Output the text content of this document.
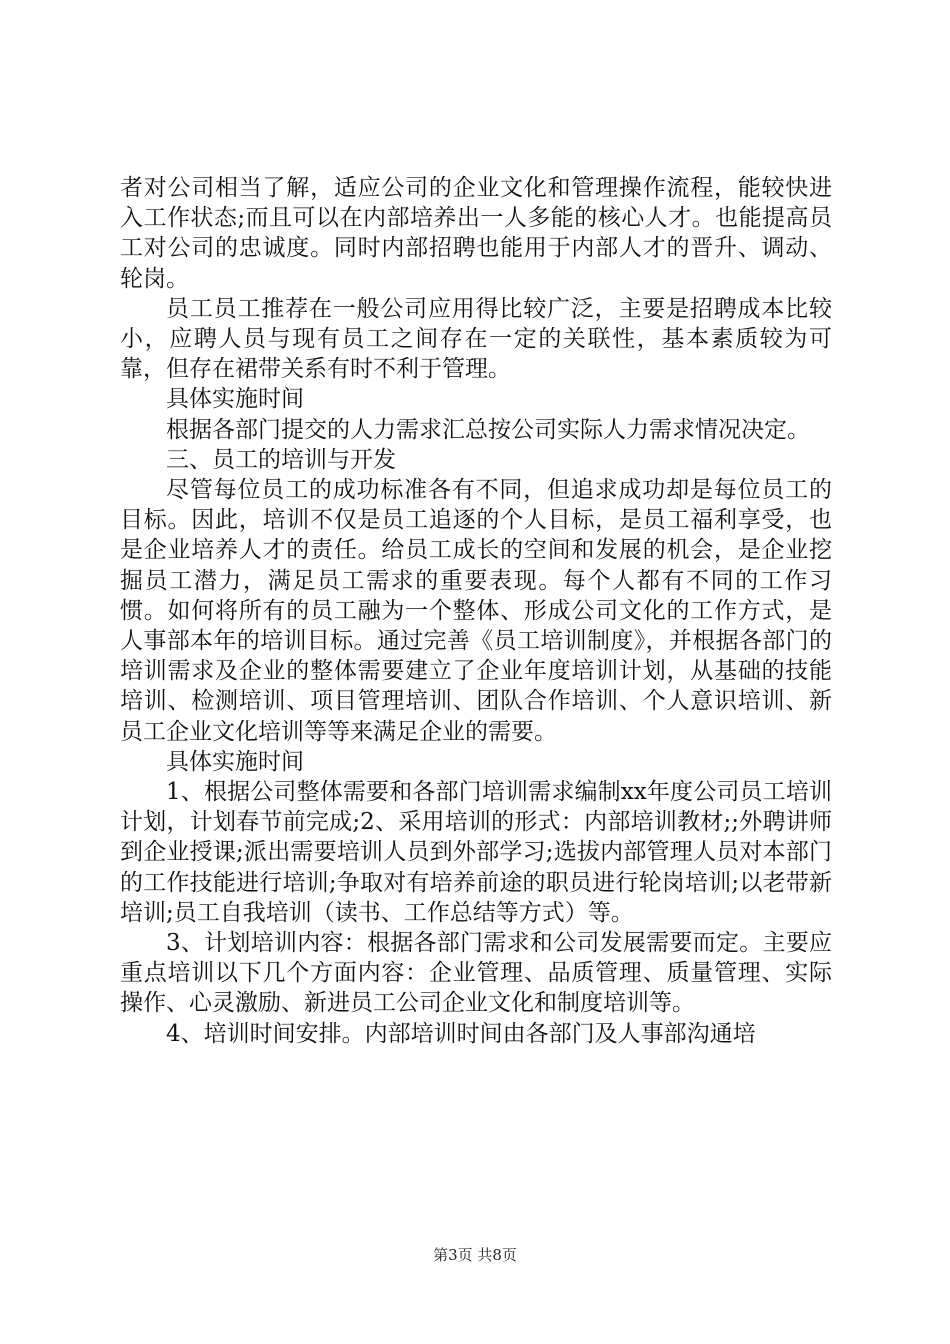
者对公司相当了解，适应公司的企业文化和管理操作流程，能较快进入工作状态;而且可以在内部培养出一人多能的核心人才。也能提高员工对公司的忠诚度。同时内部招聘也能用于内部人才的晋升、调动、轮岗。

员工员工推荐在一般公司应用得比较广泛，主要是招聘成本比较小，应聘人员与现有员工之间存在一定的关联性，基本素质较为可靠，但存在裙带关系有时不利于管理。

具体实施时间

根据各部门提交的人力需求汇总按公司实际人力需求情况决定。

三、员工的培训与开发

尽管每位员工的成功标准各有不同，但追求成功却是每位员工的目标。因此，培训不仅是员工追逐的个人目标，是员工福利享受，也是企业培养人才的责任。给员工成长的空间和发展的机会，是企业挖掘员工潜力，满足员工需求的重要表现。每个人都有不同的工作习惯。如何将所有的员工融为一个整体、形成公司文化的工作方式，是人事部本年的培训目标。通过完善《员工培训制度》，并根据各部门的培训需求及企业的整体需要建立了企业年度培训计划，从基础的技能培训、检测培训、项目管理培训、团队合作培训、个人意识培训、新员工企业文化培训等等来满足企业的需要。

具体实施时间

1、根据公司整体需要和各部门培训需求编制xx年度公司员工培训计划，计划春节前完成;2、采用培训的形式：内部培训教材;;外聘讲师到企业授课;派出需要培训人员到外部学习;选拔内部管理人员对本部门的工作技能进行培训;争取对有培养前途的职员进行轮岗培训;以老带新培训;员工自我培训（读书、工作总结等方式）等。

3、计划培训内容：根据各部门需求和公司发展需要而定。主要应重点培训以下几个方面内容：企业管理、品质管理、质量管理、实际操作、心灵激励、新进员工公司企业文化和制度培训等。

4、培训时间安排。内部培训时间由各部门及人事部沟通培

第3页 共8页
